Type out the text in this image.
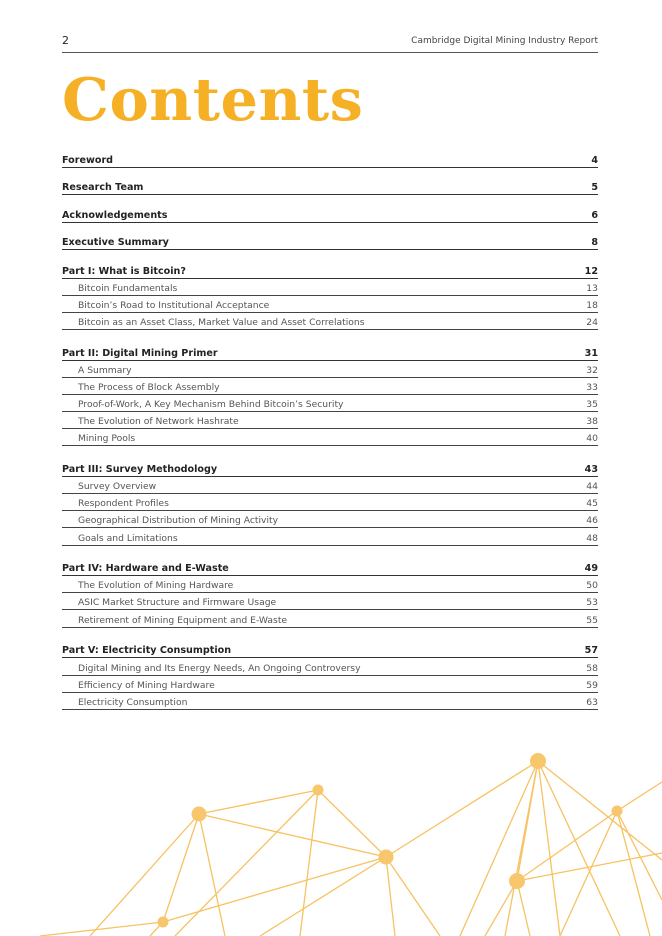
2	Cambridge Digital Mining Industry Report
Contents
Foreword	4
Research Team	5
Acknowledgements	6
Executive Summary	8
Part I: What is Bitcoin?	12
Bitcoin Fundamentals	13
Bitcoin’s Road to Institutional Acceptance	18
Bitcoin as an Asset Class, Market Value and Asset Correlations	24
Part II: Digital Mining Primer	31
A Summary	32
The Process of Block Assembly	33
Proof-of-Work, A Key Mechanism Behind Bitcoin’s Security	35
The Evolution of Network Hashrate	38
Mining Pools	40
Part III: Survey Methodology	43
Survey Overview	44
Respondent Profiles	45
Geographical Distribution of Mining Activity	46
Goals and Limitations	48
Part IV: Hardware and E-Waste	49
The Evolution of Mining Hardware	50
ASIC Market Structure and Firmware Usage	53
Retirement of Mining Equipment and E-Waste	55
Part V: Electricity Consumption	57
Digital Mining and Its Energy Needs, An Ongoing Controversy	58
Efficiency of Mining Hardware	59
Electricity Consumption	63
